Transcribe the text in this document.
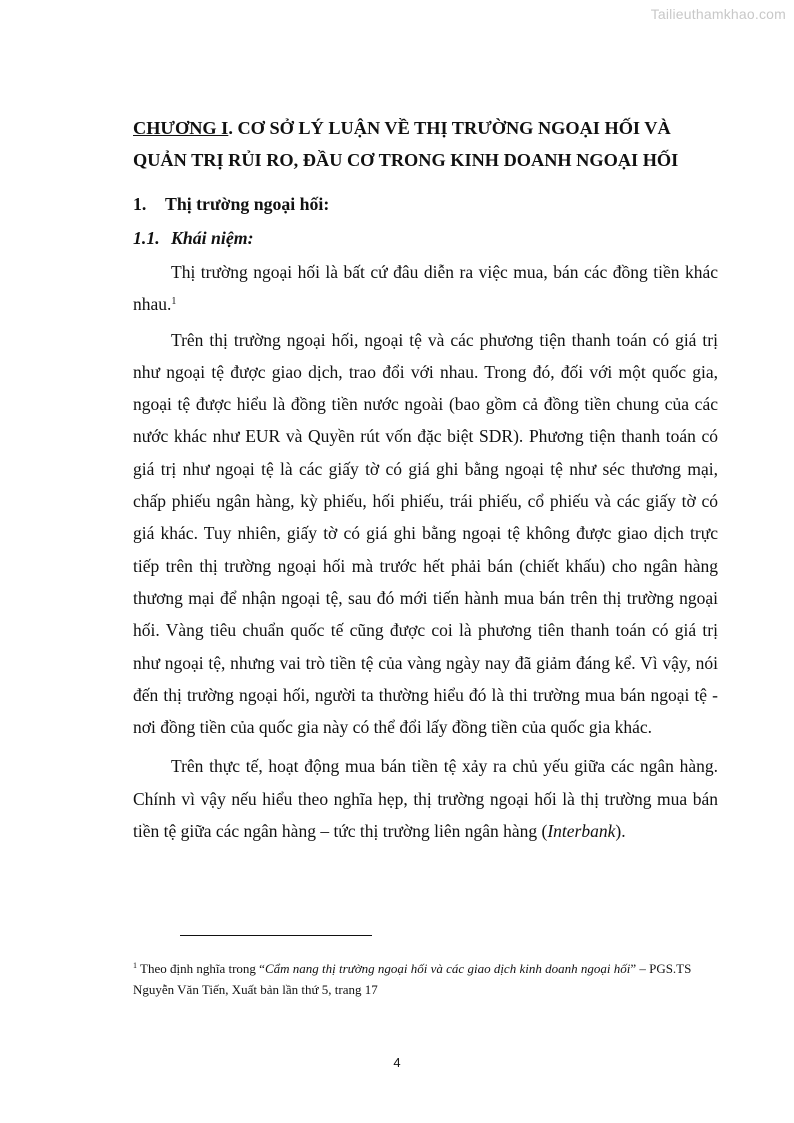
Tailieuthamkhao.com
CHƯƠNG I. CƠ SỞ LÝ LUẬN VỀ THỊ TRƯỜNG NGOẠI HỐI VÀ QUẢN TRỊ RỦI RO, ĐẦU CƠ TRONG KINH DOANH NGOẠI HỐI
1. Thị trường ngoại hối:
1.1. Khái niệm:

Thị trường ngoại hối là bất cứ đâu diễn ra việc mua, bán các đồng tiền khác nhau.$^1$

Trên thị trường ngoại hối, ngoại tệ và các phương tiện thanh toán có giá trị như ngoại tệ được giao dịch, trao đổi với nhau. Trong đó, đối với một quốc gia, ngoại tệ được hiểu là đồng tiền nước ngoài (bao gồm cả đồng tiền chung của các nước khác như EUR và Quyền rút vốn đặc biệt SDR). Phương tiện thanh toán có giá trị như ngoại tệ là các giấy tờ có giá ghi bằng ngoại tệ như séc thương mại, chấp phiếu ngân hàng, kỳ phiếu, hối phiếu, trái phiếu, cổ phiếu và các giấy tờ có giá khác. Tuy nhiên, giấy tờ có giá ghi bằng ngoại tệ không được giao dịch trực tiếp trên thị trường ngoại hối mà trước hết phải bán (chiết khấu) cho ngân hàng thương mại để nhận ngoại tệ, sau đó mới tiến hành mua bán trên thị trường ngoại hối. Vàng tiêu chuẩn quốc tế cũng được coi là phương tiên thanh toán có giá trị như ngoại tệ, nhưng vai trò tiền tệ của vàng ngày nay đã giảm đáng kể. Vì vậy, nói đến thị trường ngoại hối, người ta thường hiểu đó là thi trường mua bán ngoại tệ - nơi đồng tiền của quốc gia này có thể đổi lấy đồng tiền của quốc gia khác.

Trên thực tế, hoạt động mua bán tiền tệ xảy ra chủ yếu giữa các ngân hàng. Chính vì vậy nếu hiểu theo nghĩa hẹp, thị trường ngoại hối là thị trường mua bán tiền tệ giữa các ngân hàng – tức thị trường liên ngân hàng (Interbank).

$^1$ Theo định nghĩa trong “Cẩm nang thị trường ngoại hối và các giao dịch kinh doanh ngoại hối” – PGS.TS Nguyễn Văn Tiến, Xuất bản lần thứ 5, trang 17
4
